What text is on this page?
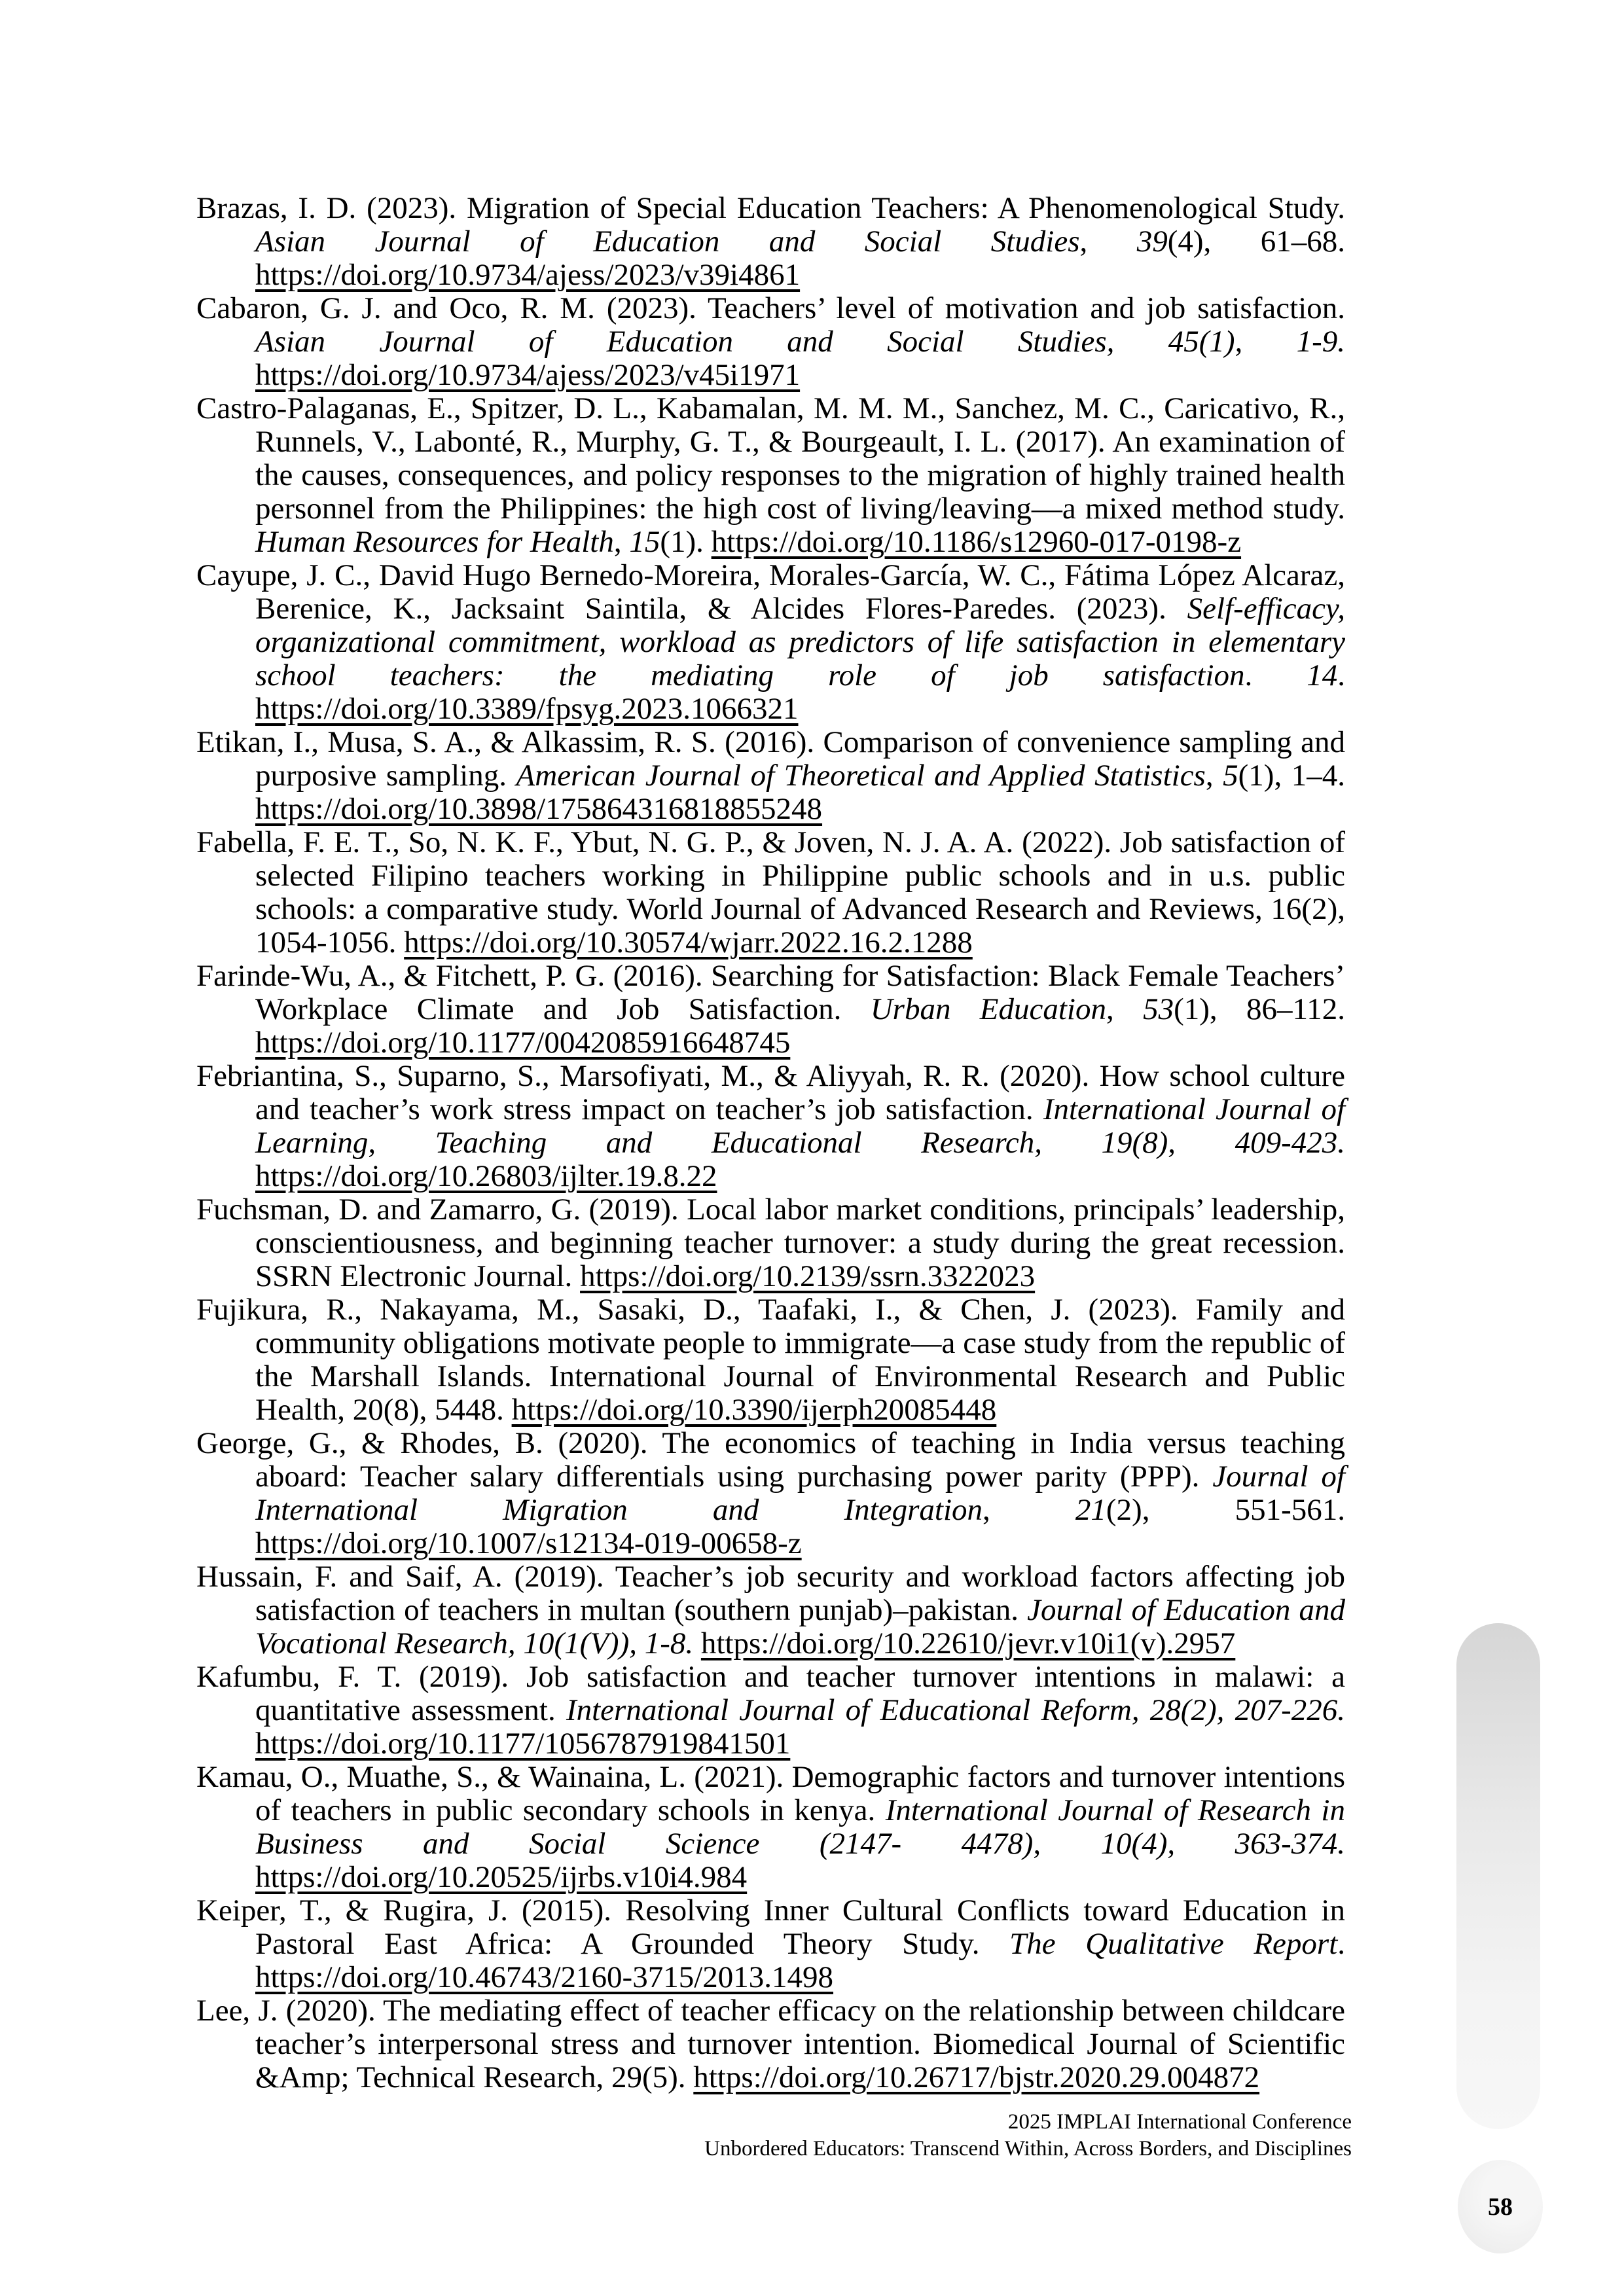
Brazas, I. D. (2023). Migration of Special Education Teachers: A Phenomenological Study. Asian Journal of Education and Social Studies, 39(4), 61–68. https://doi.org/10.9734/ajess/2023/v39i4861

Cabaron, G. J. and Oco, R. M. (2023). Teachers’ level of motivation and job satisfaction. Asian Journal of Education and Social Studies, 45(1), 1-9. https://doi.org/10.9734/ajess/2023/v45i1971

Castro-Palaganas, E., Spitzer, D. L., Kabamalan, M. M. M., Sanchez, M. C., Caricativo, R., Runnels, V., Labonté, R., Murphy, G. T., & Bourgeault, I. L. (2017). An examination of the causes, consequences, and policy responses to the migration of highly trained health personnel from the Philippines: the high cost of living/leaving—a mixed method study. Human Resources for Health, 15(1). https://doi.org/10.1186/s12960-017-0198-z

Cayupe, J. C., David Hugo Bernedo-Moreira, Morales-García, W. C., Fátima López Alcaraz, Berenice, K., Jacksaint Saintila, & Alcides Flores-Paredes. (2023). Self-efficacy, organizational commitment, workload as predictors of life satisfaction in elementary school teachers: the mediating role of job satisfaction. 14. https://doi.org/10.3389/fpsyg.2023.1066321

Etikan, I., Musa, S. A., & Alkassim, R. S. (2016). Comparison of convenience sampling and purposive sampling. American Journal of Theoretical and Applied Statistics, 5(1), 1–4. https://doi.org/10.3898/175864316818855248

Fabella, F. E. T., So, N. K. F., Ybut, N. G. P., & Joven, N. J. A. A. (2022). Job satisfaction of selected Filipino teachers working in Philippine public schools and in u.s. public schools: a comparative study. World Journal of Advanced Research and Reviews, 16(2), 1054-1056. https://doi.org/10.30574/wjarr.2022.16.2.1288

Farinde-Wu, A., & Fitchett, P. G. (2016). Searching for Satisfaction: Black Female Teachers’ Workplace Climate and Job Satisfaction. Urban Education, 53(1), 86–112. https://doi.org/10.1177/0042085916648745

Febriantina, S., Suparno, S., Marsofiyati, M., & Aliyyah, R. R. (2020). How school culture and teacher’s work stress impact on teacher’s job satisfaction. International Journal of Learning, Teaching and Educational Research, 19(8), 409-423. https://doi.org/10.26803/ijlter.19.8.22

Fuchsman, D. and Zamarro, G. (2019). Local labor market conditions, principals’ leadership, conscientiousness, and beginning teacher turnover: a study during the great recession. SSRN Electronic Journal. https://doi.org/10.2139/ssrn.3322023

Fujikura, R., Nakayama, M., Sasaki, D., Taafaki, I., & Chen, J. (2023). Family and community obligations motivate people to immigrate—a case study from the republic of the Marshall Islands. International Journal of Environmental Research and Public Health, 20(8), 5448. https://doi.org/10.3390/ijerph20085448

George, G., & Rhodes, B. (2020). The economics of teaching in India versus teaching aboard: Teacher salary differentials using purchasing power parity (PPP). Journal of International Migration and Integration, 21(2), 551-561. https://doi.org/10.1007/s12134-019-00658-z

Hussain, F. and Saif, A. (2019). Teacher’s job security and workload factors affecting job satisfaction of teachers in multan (southern punjab)–pakistan. Journal of Education and Vocational Research, 10(1(V)), 1-8. https://doi.org/10.22610/jevr.v10i1(v).2957

Kafumbu, F. T. (2019). Job satisfaction and teacher turnover intentions in malawi: a quantitative assessment. International Journal of Educational Reform, 28(2), 207-226. https://doi.org/10.1177/1056787919841501

Kamau, O., Muathe, S., & Wainaina, L. (2021). Demographic factors and turnover intentions of teachers in public secondary schools in kenya. International Journal of Research in Business and Social Science (2147- 4478), 10(4), 363-374. https://doi.org/10.20525/ijrbs.v10i4.984

Keiper, T., & Rugira, J. (2015). Resolving Inner Cultural Conflicts toward Education in Pastoral East Africa: A Grounded Theory Study. The Qualitative Report. https://doi.org/10.46743/2160-3715/2013.1498

Lee, J. (2020). The mediating effect of teacher efficacy on the relationship between childcare teacher’s interpersonal stress and turnover intention. Biomedical Journal of Scientific &Amp; Technical Research, 29(5). https://doi.org/10.26717/bjstr.2020.29.004872

2025 IMPLAI International Conference
Unbordered Educators: Transcend Within, Across Borders, and Disciplines
58
